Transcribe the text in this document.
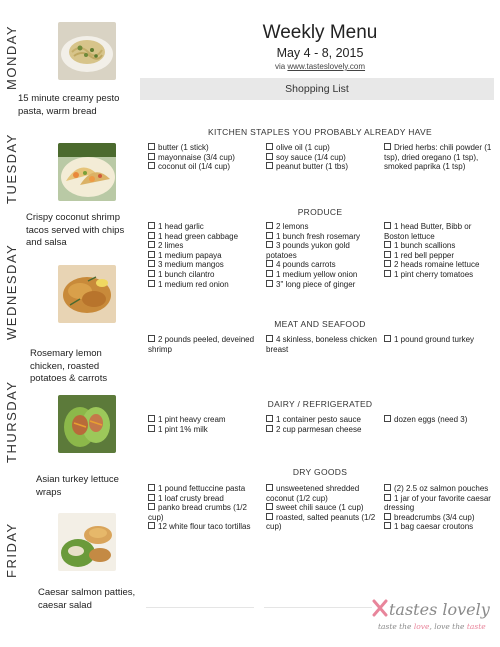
MONDAY
15 minute creamy pesto pasta, warm bread
TUESDAY
Crispy coconut shrimp tacos served with chips and salsa
WEDNESDAY
Rosemary lemon chicken, roasted potatoes & carrots
THURSDAY
Asian turkey lettuce wraps
FRIDAY
Caesar salmon patties, caesar salad
Weekly Menu
May 4 - 8, 2015
via www.tasteslovely.com
Shopping List
KITCHEN STAPLES YOU PROBABLY ALREADY HAVE
butter (1 stick)
mayonnaise (3/4 cup)
coconut oil (1/4 cup)
olive oil (1 cup)
soy sauce (1/4 cup)
peanut butter (1 tbs)
Dried herbs: chili powder (1 tsp), dried oregano (1 tsp), smoked paprika (1 tsp)
PRODUCE
1 head garlic
1 head green cabbage
2 limes
1 medium papaya
3 medium mangos
1 bunch cilantro
1 medium red onion
2 lemons
1 bunch fresh rosemary
3 pounds yukon gold potatoes
4 pounds carrots
1 medium yellow onion
3" long piece of ginger
1 head Butter, Bibb or Boston lettuce
1 bunch scallions
1 red bell pepper
2 heads romaine lettuce
1 pint cherry tomatoes
MEAT AND SEAFOOD
2 pounds peeled, deveined shrimp
4 skinless, boneless chicken breast
1 pound ground turkey
DAIRY / REFRIGERATED
1 pint heavy cream
1 pint 1% milk
1 container pesto sauce
2 cup parmesan cheese
dozen eggs (need 3)
DRY GOODS
1 pound fettuccine pasta
1 loaf crusty bread
panko bread crumbs (1/2 cup)
12 white flour taco tortillas
unsweetened shredded coconut (1/2 cup)
sweet chili sauce (1 cup)
roasted, salted peanuts (1/2 cup)
(2) 2.5 oz salmon pouches
1 jar of your favorite caesar dressing
breadcrumbs (3/4 cup)
1 bag caesar croutons
tastes lovely
taste the love, love the taste
